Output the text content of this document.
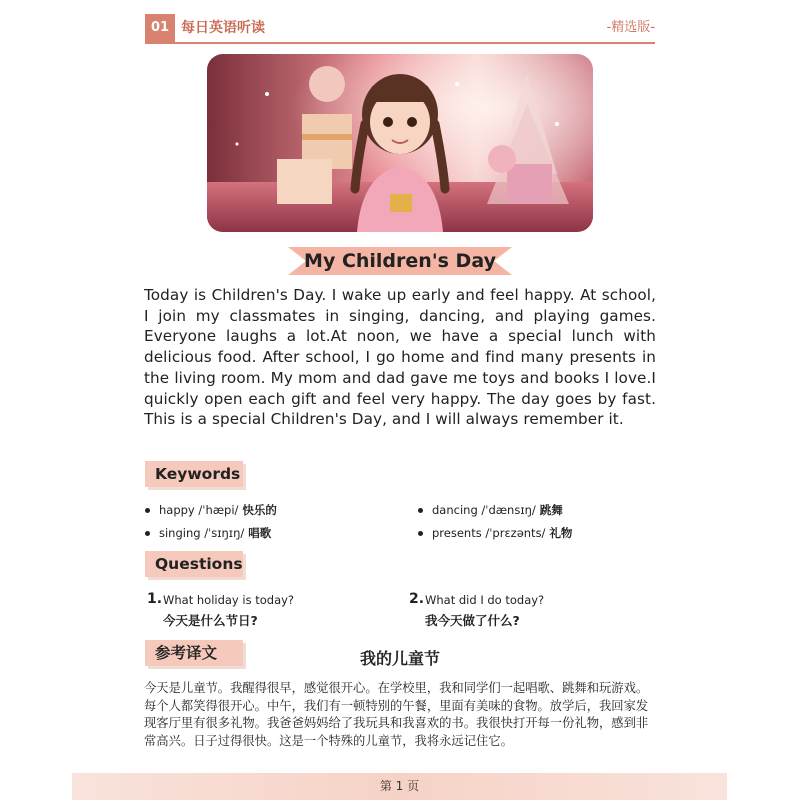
01 每日英语听读	-精选版-
My Children's Day

Today is Children's Day. I wake up early and feel happy. At school, I join my classmates in singing, dancing, and playing games. Everyone laughs a lot.At noon, we have a special lunch with delicious food. After school, I go home and find many presents in the living room. My mom and dad gave me toys and books I love.I quickly open each gift and feel very happy. The day goes by fast. This is a special Children's Day, and I will always remember it.

Keywords
happy /ˈhæpi/ 快乐的	dancing /ˈdænsɪŋ/ 跳舞
singing /ˈsɪŋɪŋ/ 唱歌	presents /ˈprɛzənts/ 礼物
Questions
1. What holiday is today?
今天是什么节日?
2. What did I do today?
我今天做了什么?
参考译文	我的儿童节

今天是儿童节。我醒得很早，感觉很开心。在学校里，我和同学们一起唱歌、跳舞和玩游戏。每个人都笑得很开心。中午，我们有一顿特别的午餐，里面有美味的食物。放学后，我回家发现客厅里有很多礼物。我爸爸妈妈给了我玩具和我喜欢的书。我很快打开每一份礼物，感到非常高兴。日子过得很快。这是一个特殊的儿童节，我将永远记住它。

第 1 页
